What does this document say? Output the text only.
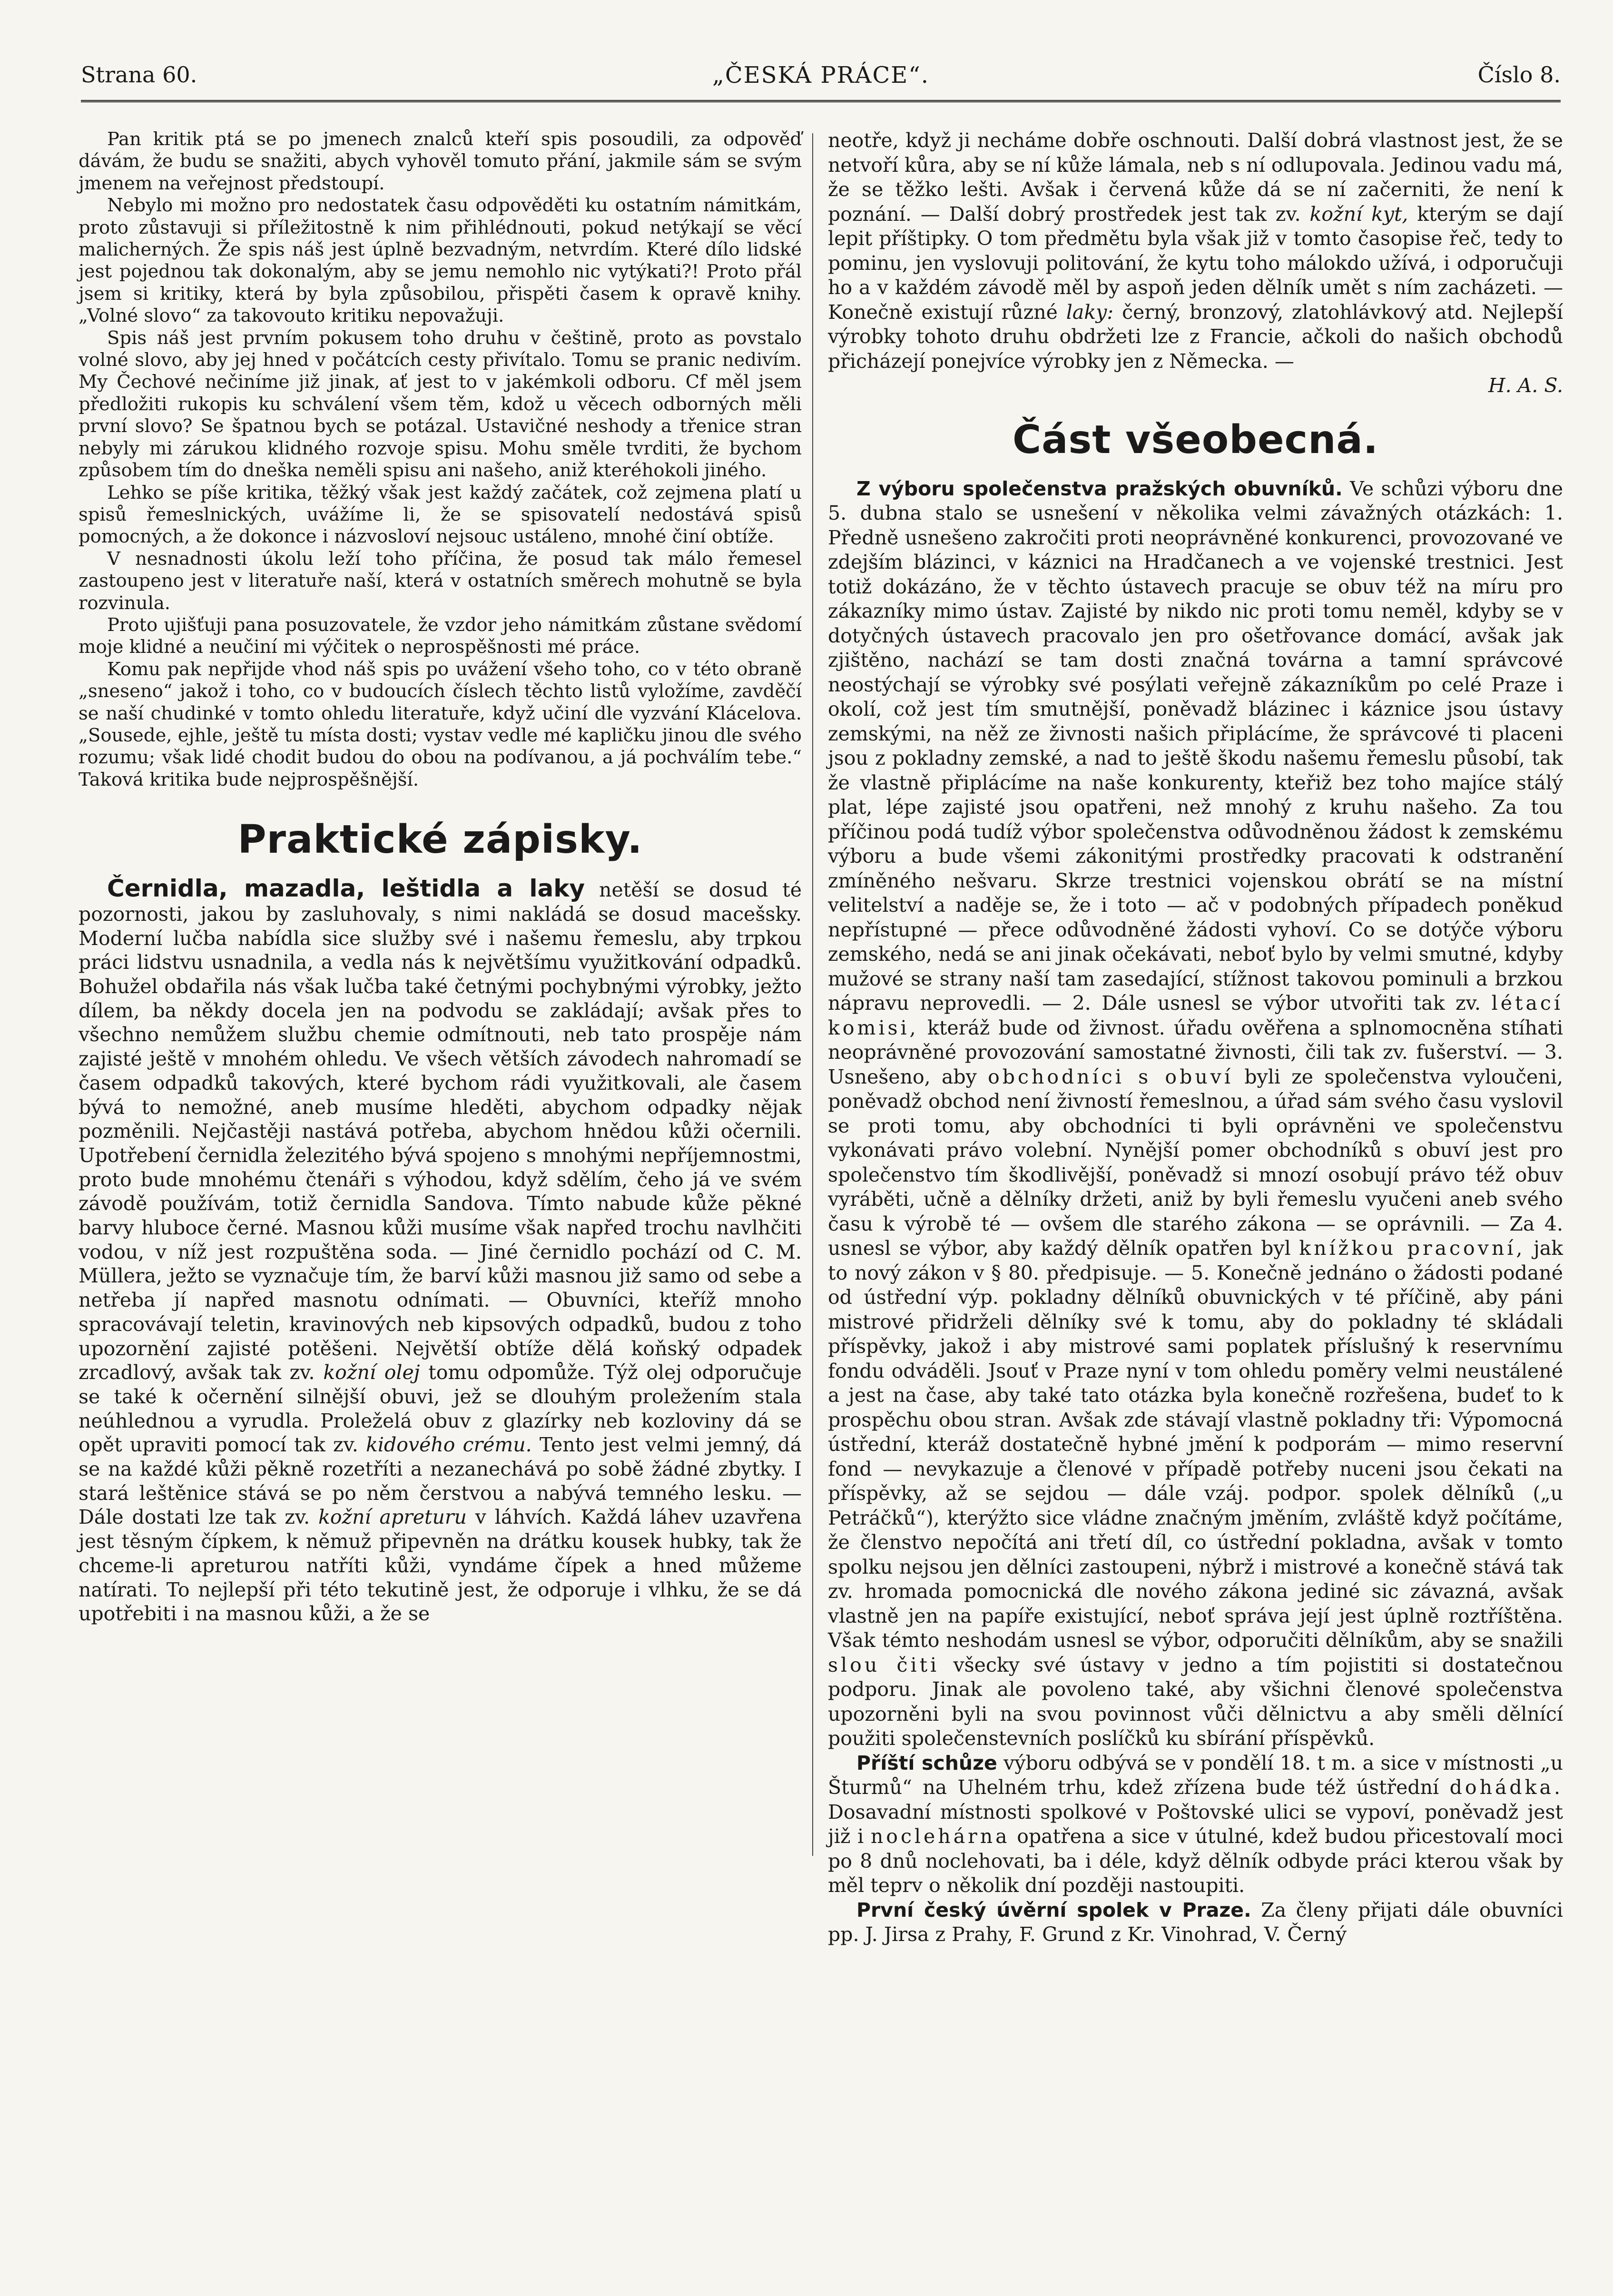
Strana 60.	„ČESKÁ PRÁCE“.	Číslo 8.

Pan kritik ptá se po jmenech znalců kteří spis posoudili, za odpověď dávám, že budu se snažiti, abych vyhověl tomuto přání, jakmile sám se svým jmenem na veřejnost předstoupí.

Nebylo mi možno pro nedostatek času odpověděti ku ostatním námitkám, proto zůstavuji si příležitostně k nim přihlédnouti, pokud netýkají se věcí malicherných. Že spis náš jest úplně bezvadným, netvrdím. Které dílo lidské jest pojednou tak dokonalým, aby se jemu nemohlo nic vytýkati?! Proto přál jsem si kritiky, která by byla způsobilou, přispěti časem k opravě knihy. „Volné slovo“ za takovouto kritiku nepovažuji.

Spis náš jest prvním pokusem toho druhu v češtině, proto as povstalo volné slovo, aby jej hned v počátcích cesty přivítalo. Tomu se pranic nedivím. My Čechové nečiníme již jinak, ať jest to v jakémkoli odboru. Cf měl jsem předložiti rukopis ku schválení všem těm, kdož u věcech odborných měli první slovo? Se špatnou bych se potázal. Ustavičné neshody a třenice stran nebyly mi zárukou klidného rozvoje spisu. Mohu směle tvrditi, že bychom způsobem tím do dneška neměli spisu ani našeho, aniž kteréhokoli jiného.

Lehko se píše kritika, těžký však jest každý začátek, což zejmena platí u spisů řemeslnických, uvážíme li, že se spisovatelí nedostává spisů pomocných, a že dokonce i názvosloví nejsouc ustáleno, mnohé činí obtíže.

V nesnadnosti úkolu leží toho příčina, že posud tak málo řemesel zastoupeno jest v literatuře naší, která v ostatních směrech mohutně se byla rozvinula.

Proto ujišťuji pana posuzovatele, že vzdor jeho námitkám zůstane svědomí moje klidné a neučiní mi výčitek o neprospěšnosti mé práce.

Komu pak nepřijde vhod náš spis po uvážení všeho toho, co v této obraně „sneseno“ jakož i toho, co v budoucích číslech těchto listů vyložíme, zavděčí se naší chudinké v tomto ohledu literatuře, když učiní dle vyzvání Klácelova. „Sousede, ejhle, ještě tu místa dosti; vystav vedle mé kapličku jinou dle svého rozumu; však lidé chodit budou do obou na podívanou, a já pochválím tebe.“ Taková kritika bude nejprospěšnější.

Praktické zápisky.

Černidla, mazadla, leštidla a laky netěší se dosud té pozornosti, jakou by zasluhovaly, s nimi nakládá se dosud macešsky. Moderní lučba nabídla sice služby své i našemu řemeslu, aby trpkou práci lidstvu usnadnila, a vedla nás k největšímu využitkování odpadků. Bohužel obdařila nás však lučba také četnými pochybnými výrobky, ježto dílem, ba někdy docela jen na podvodu se zakládají; avšak přes to všechno nemůžem službu chemie odmítnouti, neb tato prospěje nám zajisté ještě v mnohém ohledu. Ve všech větších závodech nahromadí se časem odpadků takových, které bychom rádi využitkovali, ale časem bývá to nemožné, aneb musíme hleděti, abychom odpadky nějak pozměnili. Nejčastěji nastává potřeba, abychom hnědou kůži očernili. Upotřebení černidla železitého bývá spojeno s mnohými nepříjemnostmi, proto bude mnohému čtenáři s výhodou, když sdělím, čeho já ve svém závodě používám, totiž černidla Sandova. Tímto nabude kůže pěkné barvy hluboce černé. Masnou kůži musíme však napřed trochu navlhčiti vodou, v níž jest rozpuštěna soda. — Jiné černidlo pochází od C. M. Müllera, ježto se vyznačuje tím, že barví kůži masnou již samo od sebe a netřeba jí napřed masnotu odnímati. — Obuvníci, kteříž mnoho spracovávají teletin, kravinových neb kipsových odpadků, budou z toho upozornění zajisté potěšeni. Největší obtíže dělá koňský odpadek zrcadlový, avšak tak zv. kožní olej tomu odpomůže. Týž olej odporučuje se také k očernění silnější obuvi, jež se dlouhým proležením stala neúhlednou a vyrudla. Proleželá obuv z glazírky neb kozloviny dá se opět upraviti pomocí tak zv. kidového crému. Tento jest velmi jemný, dá se na každé kůži pěkně rozetříti a nezanechává po sobě žádné zbytky. I stará leštěnice stává se po něm čerstvou a nabývá temného lesku. — Dále dostati lze tak zv. kožní apreturu v láhvích. Každá láhev uzavřena jest těsným čípkem, k němuž připevněn na drátku kousek hubky, tak že chceme-li apreturou natříti kůži, vyndáme čípek a hned můžeme natírati. To nejlepší při této tekutině jest, že odporuje i vlhku, že se dá upotřebiti i na masnou kůži, a že se

neotře, když ji necháme dobře oschnouti. Další dobrá vlastnost jest, že se netvoří kůra, aby se ní kůže lámala, neb s ní odlupovala. Jedinou vadu má, že se těžko lešti. Avšak i červená kůže dá se ní začerniti, že není k poznání. — Další dobrý prostředek jest tak zv. kožní kyt, kterým se dají lepit příštipky. O tom předmětu byla však již v tomto časopise řeč, tedy to pominu, jen vyslovuji politování, že kytu toho málokdo užívá, i odporučuji ho a v každém závodě měl by aspoň jeden dělník umět s ním zacházeti. — Konečně existují různé laky: černý, bronzový, zlatohlávkový atd. Nejlepší výrobky tohoto druhu obdržeti lze z Francie, ačkoli do našich obchodů přicházejí ponejvíce výrobky jen z Německa. —

H. A. S.

Část všeobecná.

Z výboru společenstva pražských obuvníků. Ve schůzi výboru dne 5. dubna stalo se usnešení v několika velmi závažných otázkách: 1. Předně usnešeno zakročiti proti neoprávněné konkurenci, provozované ve zdejším blázinci, v káznici na Hradčanech a ve vojenské trestnici. Jest totiž dokázáno, že v těchto ústavech pracuje se obuv též na míru pro zákazníky mimo ústav. Zajisté by nikdo nic proti tomu neměl, kdyby se v dotyčných ústavech pracovalo jen pro ošetřovance domácí, avšak jak zjištěno, nachází se tam dosti značná továrna a tamní správcové neostýchají se výrobky své posýlati veřejně zákazníkům po celé Praze i okolí, což jest tím smutnější, poněvadž blázinec i káznice jsou ústavy zemskými, na něž ze živnosti našich připlácíme, že správcové ti placeni jsou z pokladny zemské, a nad to ještě škodu našemu řemeslu působí, tak že vlastně připlácíme na naše konkurenty, kteřiž bez toho majíce stálý plat, lépe zajisté jsou opatřeni, než mnohý z kruhu našeho. Za tou příčinou podá tudíž výbor společenstva odůvodněnou žádost k zemskému výboru a bude všemi zákonitými prostředky pracovati k odstranění zmíněného nešvaru. Skrze trestnici vojenskou obrátí se na místní velitelství a naděje se, že i toto — ač v podobných případech poněkud nepřístupné — přece odůvodněné žádosti vyhoví. Co se dotýče výboru zemského, nedá se ani jinak očekávati, neboť bylo by velmi smutné, kdyby mužové se strany naší tam zasedající, stížnost takovou pominuli a brzkou nápravu neprovedli. — 2. Dále usnesl se výbor utvořiti tak zv. létací komisi, kteráž bude od živnost. úřadu ověřena a splnomocněna stíhati neoprávněné provozování samostatné živnosti, čili tak zv. fušerství. — 3. Usnešeno, aby obchodníci s obuví byli ze společenstva vyloučeni, poněvadž obchod není živností řemeslnou, a úřad sám svého času vyslovil se proti tomu, aby obchodníci ti byli oprávněni ve společenstvu vykonávati právo volební. Nynější pomer obchodníků s obuví jest pro společenstvo tím škodlivější, poněvadž si mnozí osobují právo též obuv vyráběti, učně a dělníky držeti, aniž by byli řemeslu vyučeni aneb svého času k výrobě té — ovšem dle starého zákona — se oprávnili. — Za 4. usnesl se výbor, aby každý dělník opatřen byl knížkou pracovní, jak to nový zákon v § 80. předpisuje. — 5. Konečně jednáno o žádosti podané od ústřední výp. pokladny dělníků obuvnických v té příčině, aby páni mistrové přidrželi dělníky své k tomu, aby do pokladny té skládali příspěvky, jakož i aby mistrové sami poplatek příslušný k reservnímu fondu odváděli. Jsouť v Praze nyní v tom ohledu poměry velmi neustálené a jest na čase, aby také tato otázka byla konečně rozřešena, budeť to k prospěchu obou stran. Avšak zde stávají vlastně pokladny tři: Výpomocná ústřední, kteráž dostatečně hybné jmění k podporám — mimo reservní fond — nevykazuje a členové v případě potřeby nuceni jsou čekati na příspěvky, až se sejdou — dále vzáj. podpor. spolek dělníků („u Petráčků“), kterýžto sice vládne značným jměním, zvláště když počítáme, že členstvo nepočítá ani třetí díl, co ústřední pokladna, avšak v tomto spolku nejsou jen dělníci zastoupeni, nýbrž i mistrové a konečně stává tak zv. hromada pomocnická dle nového zákona jediné sic závazná, avšak vlastně jen na papíře existující, neboť správa její jest úplně roztříštěna. Však témto neshodám usnesl se výbor, odporučiti dělníkům, aby se snažili slou čiti všecky své ústavy v jedno a tím pojistiti si dostatečnou podporu. Jinak ale povoleno také, aby všichni členové společenstva upozorněni byli na svou povinnost vůči dělnictvu a aby směli dělnící použiti společenstevních poslíčků ku sbírání příspěvků.

Příští schůze výboru odbývá se v pondělí 18. t m. a sice v místnosti „u Šturmů“ na Uhelném trhu, kdež zřízena bude též ústřední dohádka. Dosavadní místnosti spolkové v Poštovské ulici se vypoví, poněvadž jest již i noclehárna opatřena a sice v útulné, kdež budou přicestovalí moci po 8 dnů noclehovati, ba i déle, když dělník odbyde práci kterou však by měl teprv o několik dní později nastoupiti.

První český úvěrní spolek v Praze. Za členy přijati dále obuvníci pp. J. Jirsa z Prahy, F. Grund z Kr. Vinohrad, V. Černý
